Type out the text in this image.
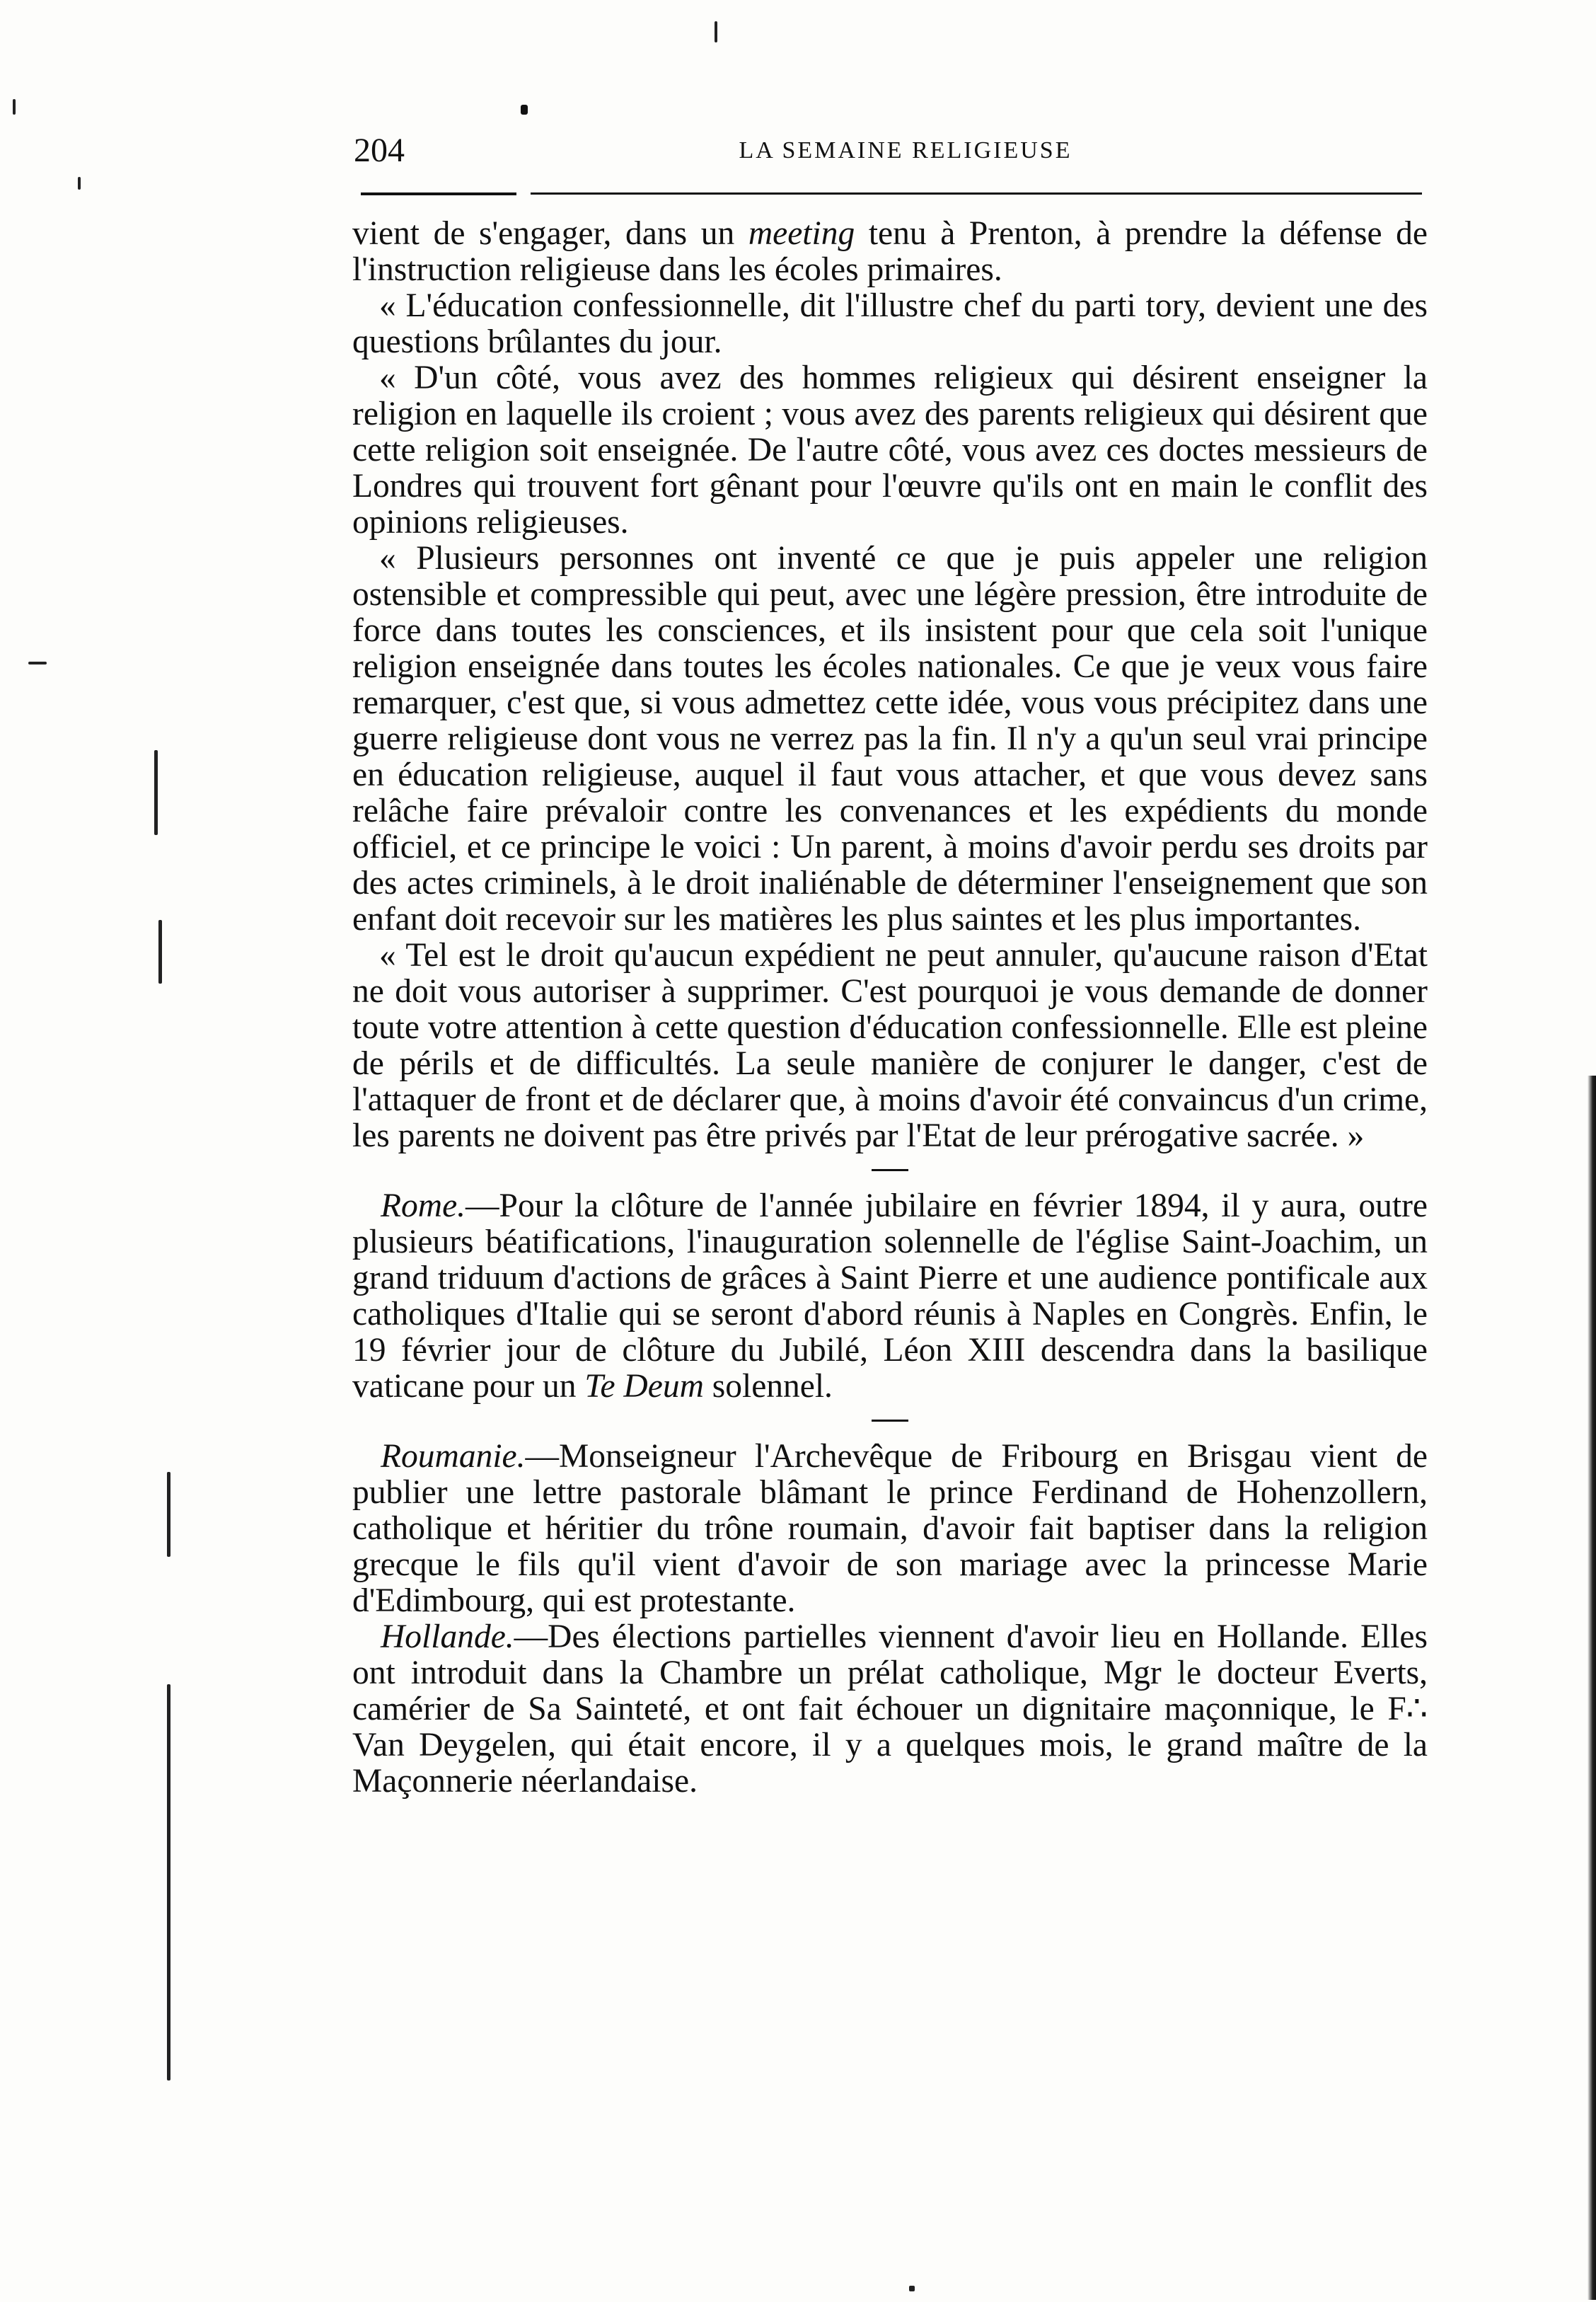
204	LA SEMAINE RELIGIEUSE

vient de s'engager, dans un meeting tenu à Prenton, à prendre la défense de l'instruction religieuse dans les écoles primaires.

« L'éducation confessionnelle, dit l'illustre chef du parti tory, devient une des questions brûlantes du jour.

« D'un côté, vous avez des hommes religieux qui désirent enseigner la religion en laquelle ils croient ; vous avez des parents religieux qui désirent que cette religion soit enseignée. De l'autre côté, vous avez ces doctes messieurs de Londres qui trouvent fort gênant pour l'œuvre qu'ils ont en main le conflit des opinions religieuses.

« Plusieurs personnes ont inventé ce que je puis appeler une religion ostensible et compressible qui peut, avec une légère pression, être introduite de force dans toutes les consciences, et ils insistent pour que cela soit l'unique religion enseignée dans toutes les écoles nationales. Ce que je veux vous faire remarquer, c'est que, si vous admettez cette idée, vous vous précipitez dans une guerre religieuse dont vous ne verrez pas la fin. Il n'y a qu'un seul vrai principe en éducation religieuse, auquel il faut vous attacher, et que vous devez sans relâche faire prévaloir contre les convenances et les expédients du monde officiel, et ce principe le voici : Un parent, à moins d'avoir perdu ses droits par des actes criminels, à le droit inaliénable de déterminer l'enseignement que son enfant doit recevoir sur les matières les plus saintes et les plus importantes.

« Tel est le droit qu'aucun expédient ne peut annuler, qu'aucune raison d'Etat ne doit vous autoriser à supprimer. C'est pourquoi je vous demande de donner toute votre attention à cette question d'éducation confessionnelle. Elle est pleine de périls et de difficultés. La seule manière de conjurer le danger, c'est de l'attaquer de front et de déclarer que, à moins d'avoir été convaincus d'un crime, les parents ne doivent pas être privés par l'Etat de leur prérogative sacrée. »

Rome.—Pour la clôture de l'année jubilaire en février 1894, il y aura, outre plusieurs béatifications, l'inauguration solennelle de l'église Saint-Joachim, un grand triduum d'actions de grâces à Saint Pierre et une audience pontificale aux catholiques d'Italie qui se seront d'abord réunis à Naples en Congrès. Enfin, le 19 février jour de clôture du Jubilé, Léon XIII descendra dans la basilique vaticane pour un Te Deum solennel.

Roumanie.—Monseigneur l'Archevêque de Fribourg en Brisgau vient de publier une lettre pastorale blâmant le prince Ferdinand de Hohenzollern, catholique et héritier du trône roumain, d'avoir fait baptiser dans la religion grecque le fils qu'il vient d'avoir de son mariage avec la princesse Marie d'Edimbourg, qui est protestante.

Hollande.—Des élections partielles viennent d'avoir lieu en Hollande. Elles ont introduit dans la Chambre un prélat catholique, Mgr le docteur Everts, camérier de Sa Sainteté, et ont fait échouer un dignitaire maçonnique, le F∴ Van Deygelen, qui était encore, il y a quelques mois, le grand maître de la Maçonnerie néerlandaise.
